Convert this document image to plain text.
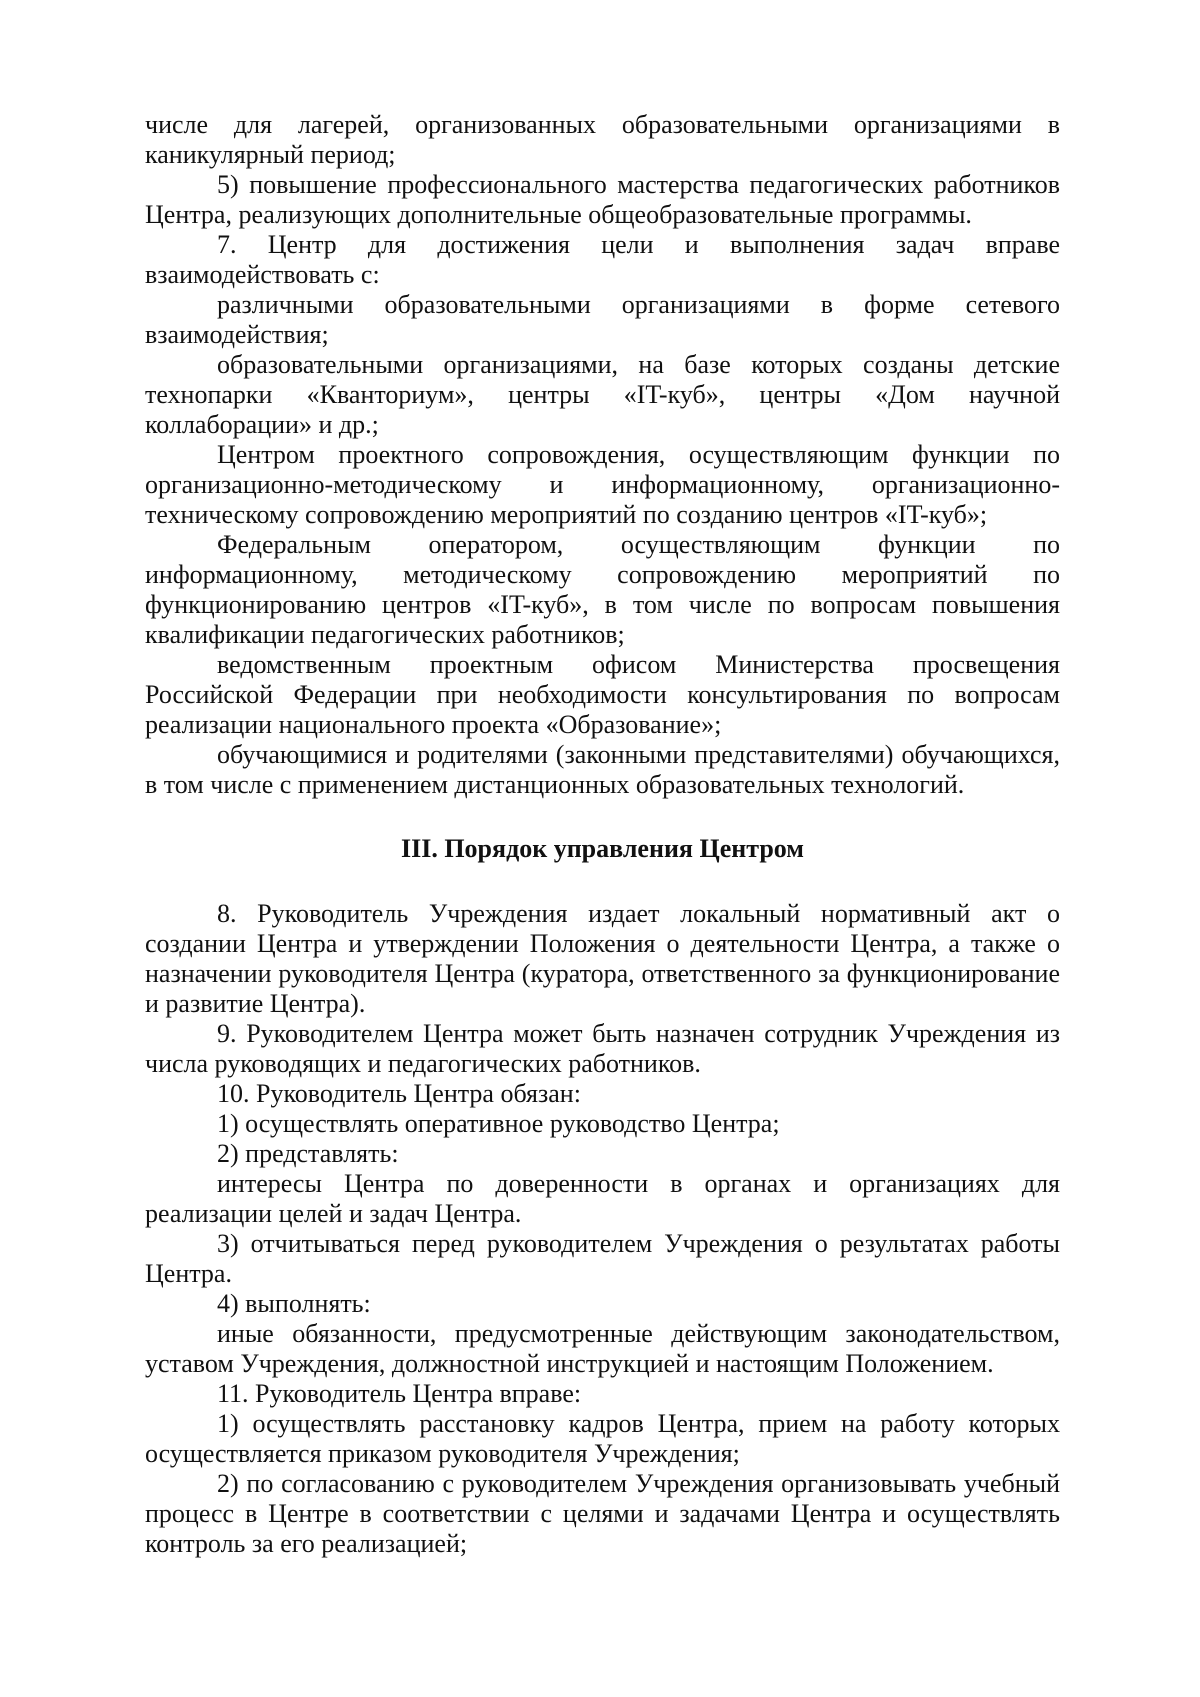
числе для лагерей, организованных образовательными организациями в каникулярный период;

5) повышение профессионального мастерства педагогических работников Центра, реализующих дополнительные общеобразовательные программы.

7. Центр для достижения цели и выполнения задач вправе взаимодействовать с:

различными образовательными организациями в форме сетевого взаимодействия;

образовательными организациями, на базе которых созданы детские технопарки «Кванториум», центры «IT-куб», центры «Дом научной коллаборации» и др.;

Центром проектного сопровождения, осуществляющим функции по организационно-методическому и информационному, организационно-техническому сопровождению мероприятий по созданию центров «IT-куб»;

Федеральным оператором, осуществляющим функции по информационному, методическому сопровождению мероприятий по функционированию центров «IT-куб», в том числе по вопросам повышения квалификации педагогических работников;

ведомственным проектным офисом Министерства просвещения Российской Федерации при необходимости консультирования по вопросам реализации национального проекта «Образование»;

обучающимися и родителями (законными представителями) обучающихся, в том числе с применением дистанционных образовательных технологий.

III. Порядок управления Центром

8. Руководитель Учреждения издает локальный нормативный акт о создании Центра и утверждении Положения о деятельности Центра, а также о назначении руководителя Центра (куратора, ответственного за функционирование и развитие Центра).

9. Руководителем Центра может быть назначен сотрудник Учреждения из числа руководящих и педагогических работников.

10. Руководитель Центра обязан:

1) осуществлять оперативное руководство Центра;

2) представлять:

интересы Центра по доверенности в органах и организациях для реализации целей и задач Центра.

3) отчитываться перед руководителем Учреждения о результатах работы Центра.

4) выполнять:

иные обязанности, предусмотренные действующим законодательством, уставом Учреждения, должностной инструкцией и настоящим Положением.

11. Руководитель Центра вправе:

1) осуществлять расстановку кадров Центра, прием на работу которых осуществляется приказом руководителя Учреждения;

2) по согласованию с руководителем Учреждения организовывать учебный процесс в Центре в соответствии с целями и задачами Центра и осуществлять контроль за его реализацией;
